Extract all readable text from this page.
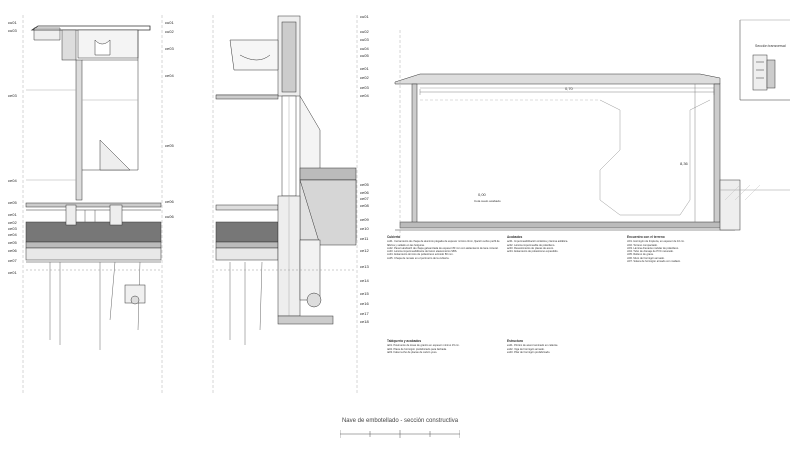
cu01
cu03
ce03
ce04
ce05
ce01
ce02
ce03
ce04
ce05
ce06
ce07
ce01
cu01
cu02
ce03
ce04
ce05
ce06
cu06
cu01
cu02
cu03
cu04
cu05
ce01
ce02
ce03
ce04
ce05
ce06
ce07
ce08
ce09
ce10
ce11
ce12
ce13
ce14
ce15
ce16
ce17
ce18
0,70
8,36
0,00
Cota suelo acabado
Sección transversal
Cubierta

cu01. Cerramiento de chapa de aluminio plegada de espesor mínimo 3mm, fijación sobre perfil de fábrica y sellado en las holguras.

cu02. Panel sándwich de chapa galvanizada de espesor 80 mm con aislamiento de lana mineral.

cu03. Lámina impermeabilizante de betún elastomérico SBS.

cu04. Aislamiento térmico de poliestireno extruido 80 mm.

cu05. Chapa de remate en el perímetro de la cubierta.

Tabiquería y acabados

ta01. Pavimento de losas de granito en espesor mínimo 15 cm.

ta02. Placa de hormigón prefabricado para fachada.

ta03. Falso techo de placas de cartón yeso.

Acabados

ac01. Impermeabilización sintética y lámina asfáltica.

ac02. Lámina impermeable de polietileno.

ac03. Revestimiento de placas de acero.

ac04. Aislamiento de poliestireno expandido.

Estructura

es01. Pórtico de acero laminado en caliente.

es02. Viga de hormigón armado.

es03. Pilar de hormigón prefabricado.

Encuentro con el terreno

ct01. Hormigón de limpieza, en espesor de 10 cm.

ct02. Terreno compactado.

ct03. Lámina drenante nodular de polietileno.

ct04. Tubo de drenaje de PVC ranurado.

ct05. Relleno de grava.

ct06. Muro de hormigón armado.

ct07. Solera de hormigón armado con mallazo.

Nave de embotellado - sección constructiva
